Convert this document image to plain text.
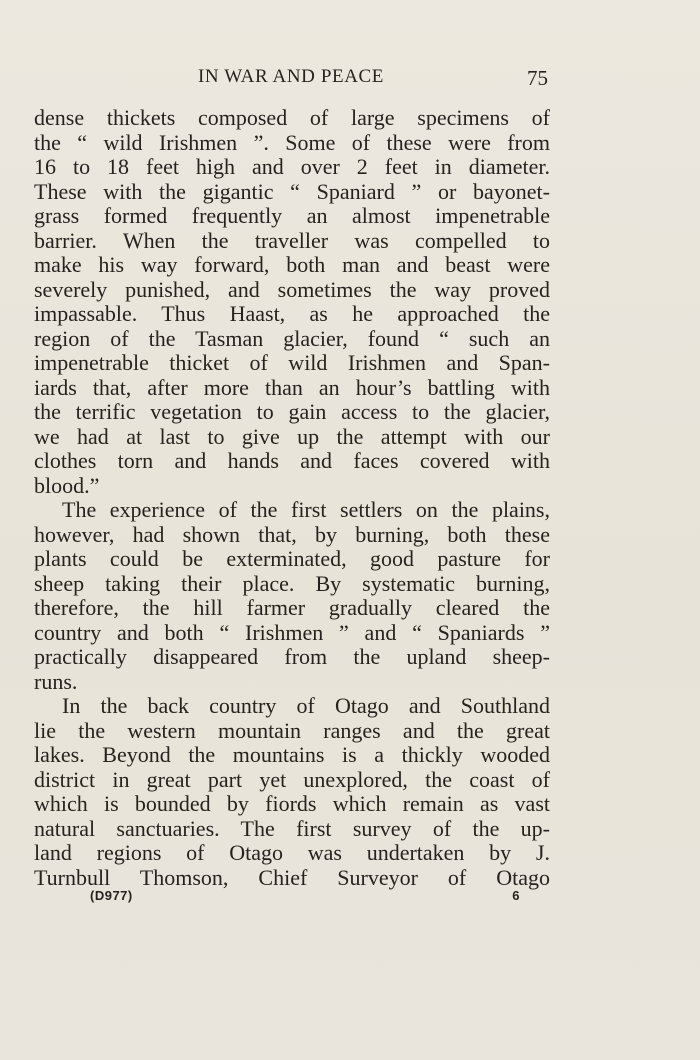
IN WAR AND PEACE	75
dense thickets composed of large specimens of
the “ wild Irishmen ”. Some of these were from
16 to 18 feet high and over 2 feet in diameter.
These with the gigantic “ Spaniard ” or bayonet-
grass formed frequently an almost impenetrable
barrier. When the traveller was compelled to
make his way forward, both man and beast were
severely punished, and sometimes the way proved
impassable. Thus Haast, as he approached the
region of the Tasman glacier, found “ such an
impenetrable thicket of wild Irishmen and Span-
iards that, after more than an hour’s battling with
the terrific vegetation to gain access to the glacier,
we had at last to give up the attempt with our
clothes torn and hands and faces covered with
blood.”
The experience of the first settlers on the plains,
however, had shown that, by burning, both these
plants could be exterminated, good pasture for
sheep taking their place. By systematic burning,
therefore, the hill farmer gradually cleared the
country and both “ Irishmen ” and “ Spaniards ”
practically disappeared from the upland sheep-
runs.
In the back country of Otago and Southland
lie the western mountain ranges and the great
lakes. Beyond the mountains is a thickly wooded
district in great part yet unexplored, the coast of
which is bounded by fiords which remain as vast
natural sanctuaries. The first survey of the up-
land regions of Otago was undertaken by J.
Turnbull Thomson, Chief Surveyor of Otago
(D977)	6
